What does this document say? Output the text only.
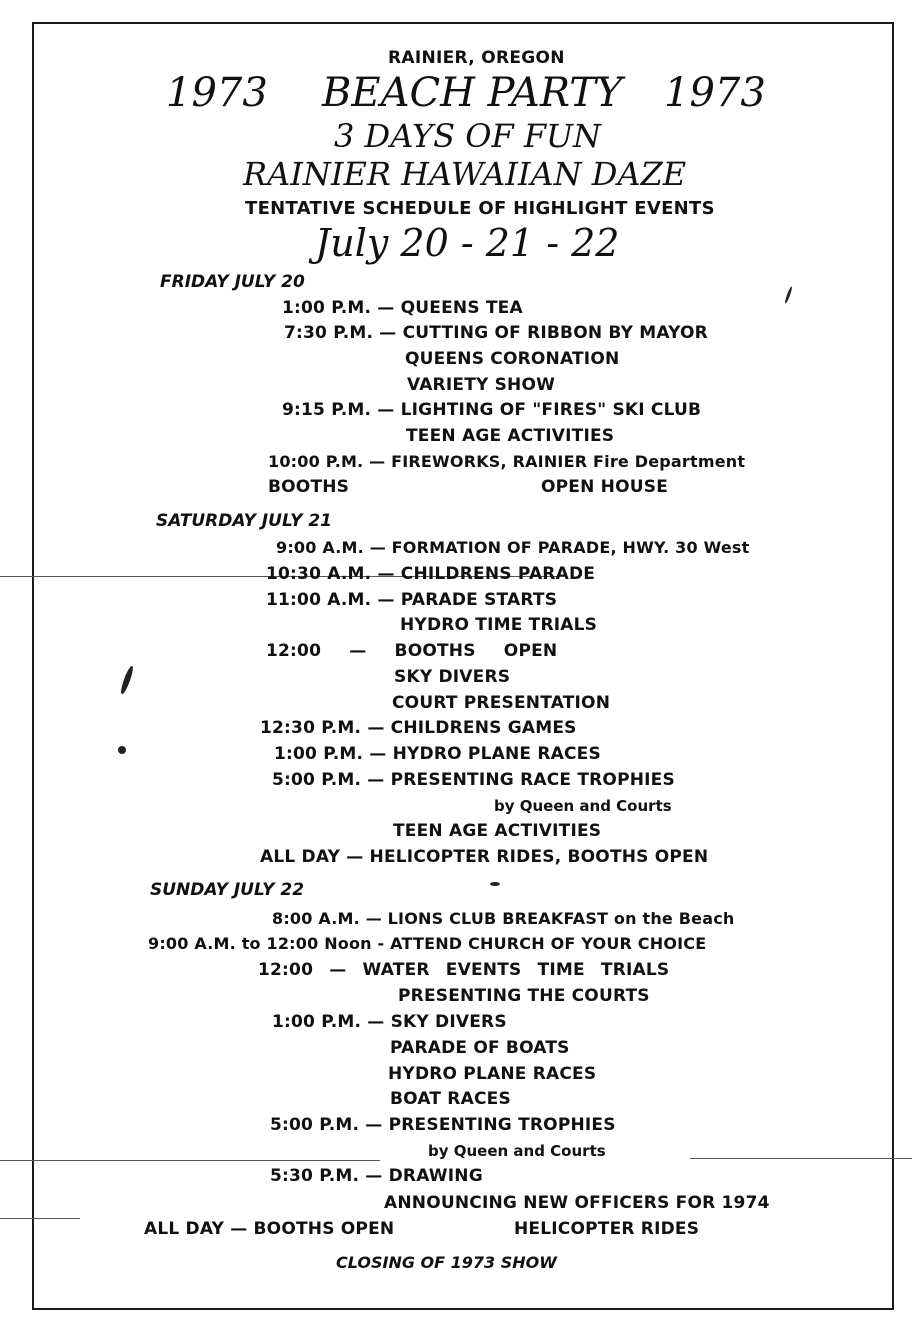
RAINIER, OREGON
1973 BEACH PARTY 1973
3 DAYS OF FUN
RAINIER HAWAIIAN DAZE
TENTATIVE SCHEDULE OF HIGHLIGHT EVENTS
July 20 - 21 - 22
FRIDAY JULY 20
1:00 P.M. — QUEENS TEA
7:30 P.M. — CUTTING OF RIBBON BY MAYOR
QUEENS CORONATION
VARIETY SHOW
9:15 P.M. — LIGHTING OF "FIRES" SKI CLUB
TEEN AGE ACTIVITIES
10:00 P.M. — FIREWORKS, RAINIER Fire Department
BOOTHS	OPEN HOUSE
SATURDAY JULY 21
9:00 A.M. — FORMATION OF PARADE, HWY. 30 West
10:30 A.M. — CHILDRENS PARADE
11:00 A.M. — PARADE STARTS
HYDRO TIME TRIALS
12:00 — BOOTHS OPEN
SKY DIVERS
COURT PRESENTATION
12:30 P.M. — CHILDRENS GAMES
1:00 P.M. — HYDRO PLANE RACES
5:00 P.M. — PRESENTING RACE TROPHIES
by Queen and Courts
TEEN AGE ACTIVITIES
ALL DAY — HELICOPTER RIDES, BOOTHS OPEN
SUNDAY JULY 22
8:00 A.M. — LIONS CLUB BREAKFAST on the Beach
9:00 A.M. to 12:00 Noon - ATTEND CHURCH OF YOUR CHOICE
12:00 — WATER EVENTS TIME TRIALS
PRESENTING THE COURTS
1:00 P.M. — SKY DIVERS
PARADE OF BOATS
HYDRO PLANE RACES
BOAT RACES
5:00 P.M. — PRESENTING TROPHIES
by Queen and Courts
5:30 P.M. — DRAWING
ANNOUNCING NEW OFFICERS FOR 1974
ALL DAY — BOOTHS OPEN	HELICOPTER RIDES
CLOSING OF 1973 SHOW
